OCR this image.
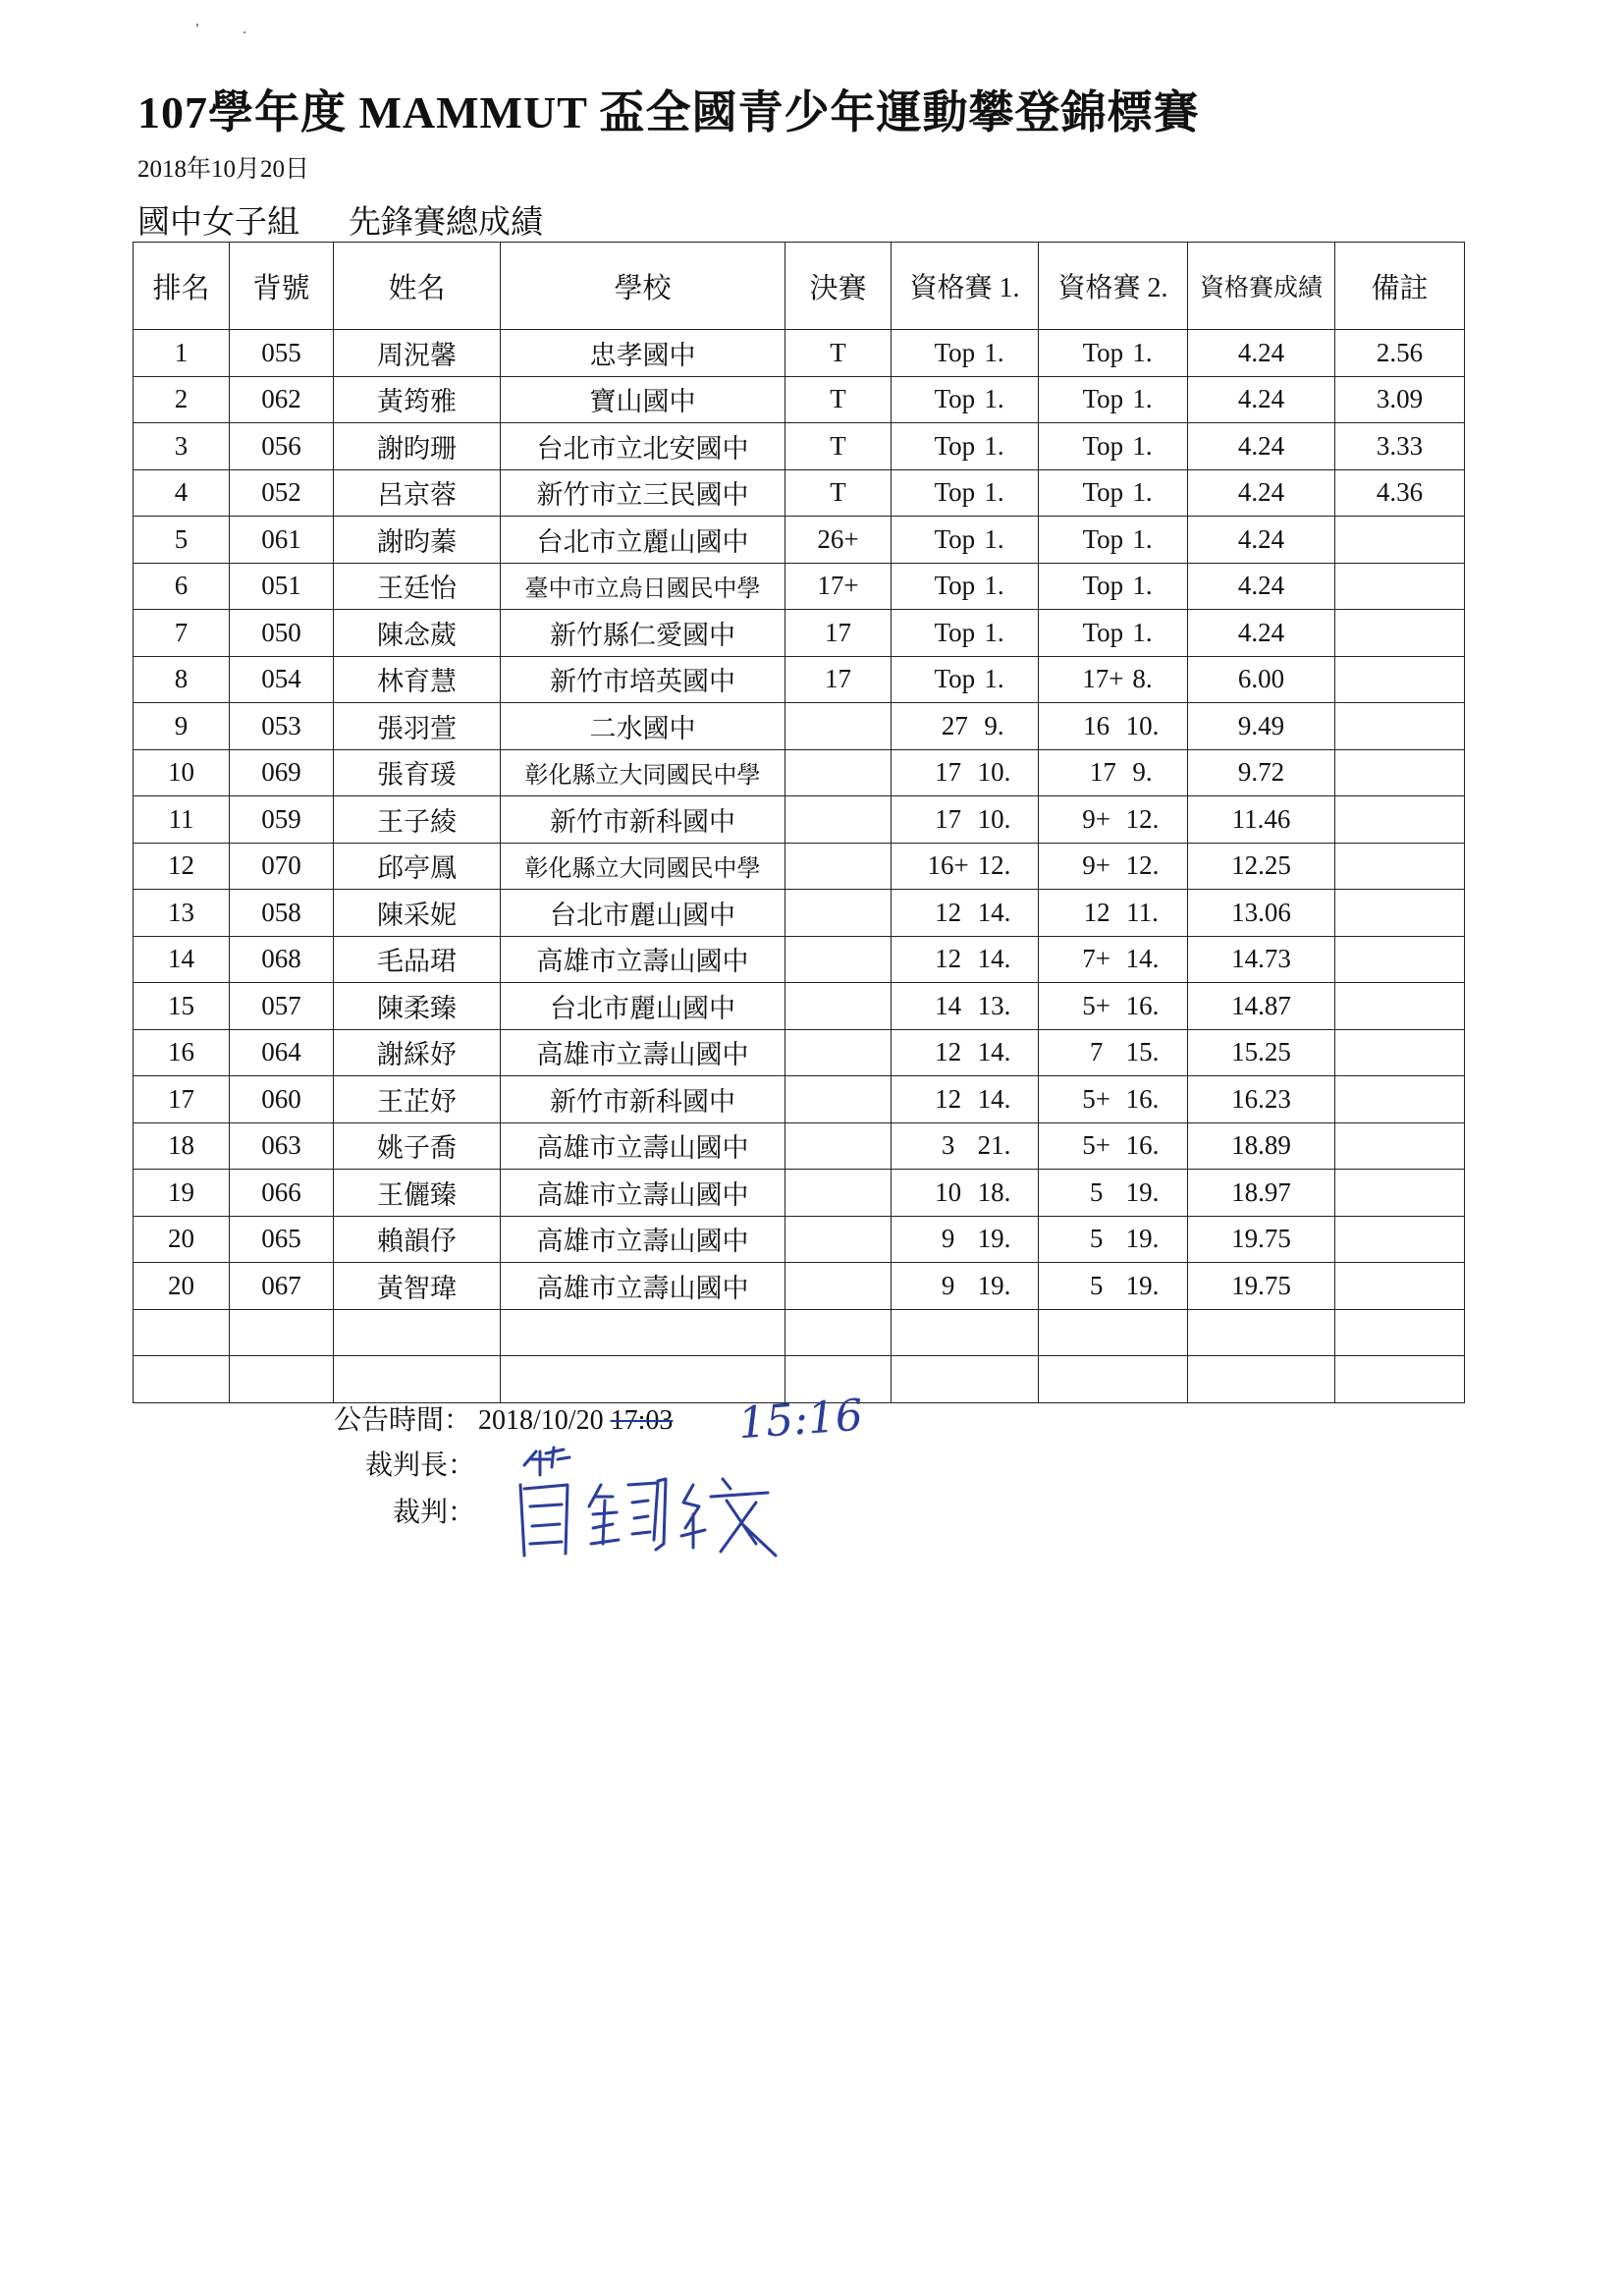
107學年度 MAMMUT 盃全國青少年運動攀登錦標賽
2018年10月20日
國中女子組 先鋒賽總成績
排名	背號	姓名	學校	決賽	資格賽 1.	資格賽 2.	資格賽成績	備註
1	055	周況馨	忠孝國中	T	Top 1.	Top 1.	4.24	2.56
2	062	黃筠雅	寶山國中	T	Top 1.	Top 1.	4.24	3.09
3	056	謝昀珊	台北市立北安國中	T	Top 1.	Top 1.	4.24	3.33
4	052	呂京蓉	新竹市立三民國中	T	Top 1.	Top 1.	4.24	4.36
5	061	謝昀蓁	台北市立麗山國中	26+	Top 1.	Top 1.	4.24	
6	051	王廷怡	臺中市立烏日國民中學	17+	Top 1.	Top 1.	4.24	
7	050	陳念葳	新竹縣仁愛國中	17	Top 1.	Top 1.	4.24	
8	054	林育慧	新竹市培英國中	17	Top 1.	17+ 8.	6.00	
9	053	張羽萱	二水國中		27 9.	16 10.	9.49	
10	069	張育瑗	彰化縣立大同國民中學		17 10.	17 9.	9.72	
11	059	王子綾	新竹市新科國中		17 10.	9+ 12.	11.46	
12	070	邱亭鳳	彰化縣立大同國民中學		16+ 12.	9+ 12.	12.25	
13	058	陳采妮	台北市麗山國中		12 14.	12 11.	13.06	
14	068	毛品珺	高雄市立壽山國中		12 14.	7+ 14.	14.73	
15	057	陳柔臻	台北市麗山國中		14 13.	5+ 16.	14.87	
16	064	謝綵妤	高雄市立壽山國中		12 14.	7 15.	15.25	
17	060	王芷妤	新竹市新科國中		12 14.	5+ 16.	16.23	
18	063	姚子喬	高雄市立壽山國中		3 21.	5+ 16.	18.89	
19	066	王儷臻	高雄市立壽山國中		10 18.	5 19.	18.97	
20	065	賴韻伃	高雄市立壽山國中		9 19.	5 19.	19.75	
20	067	黃智瑋	高雄市立壽山國中		9 19.	5 19.	19.75	

公告時間： 2018/10/20 17:03 15:16
裁判長：
裁判：
